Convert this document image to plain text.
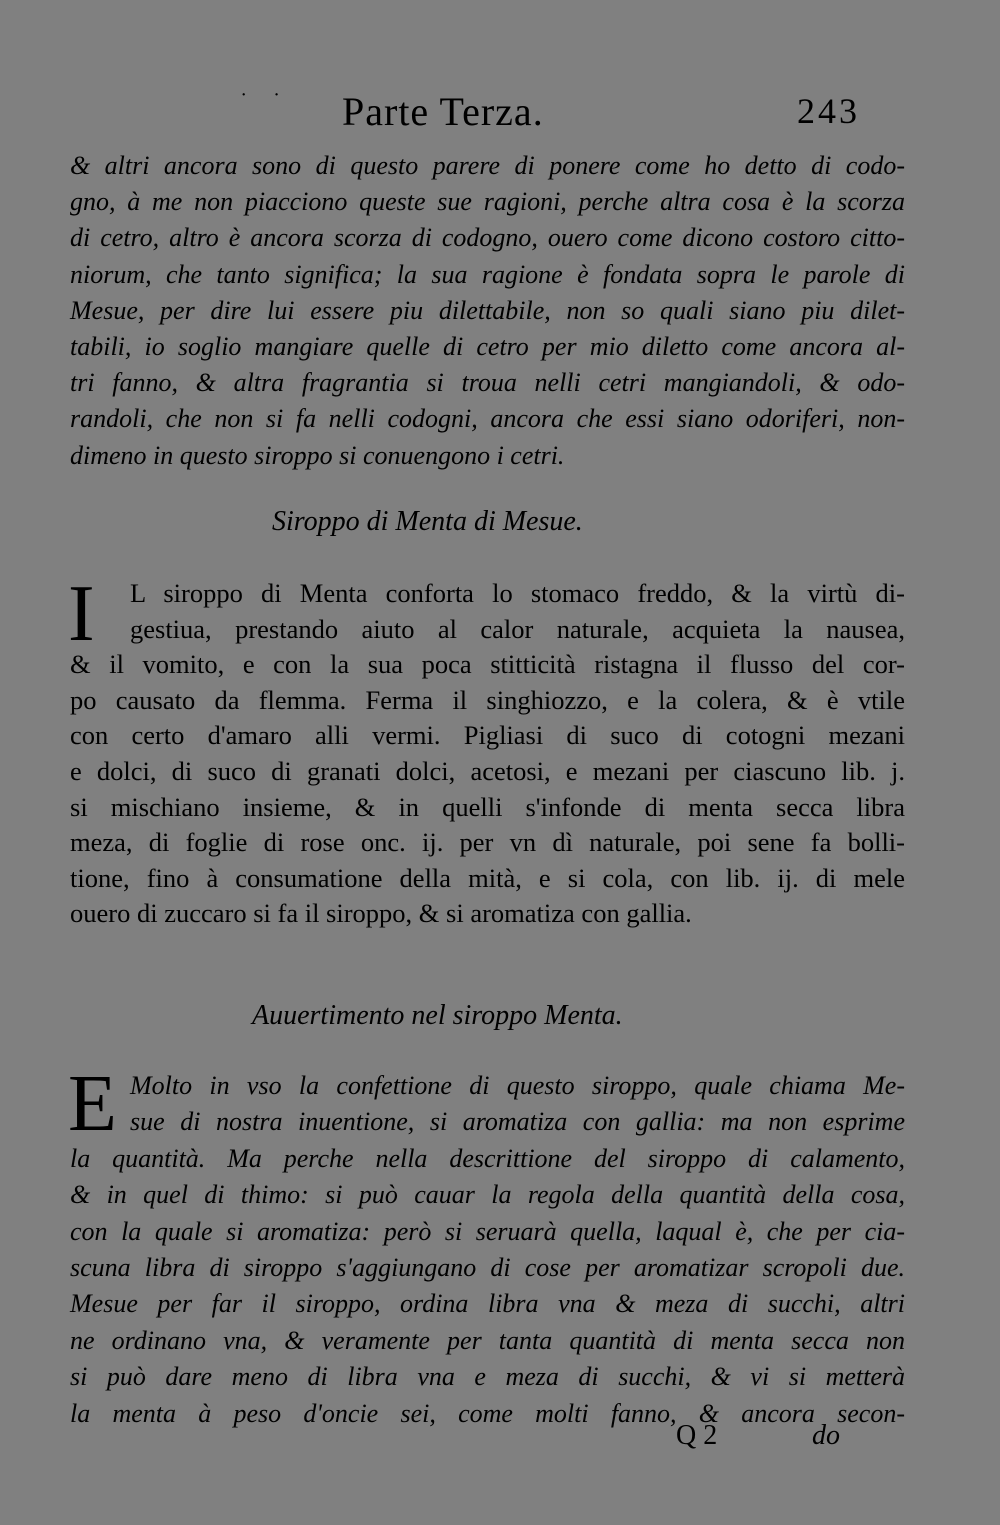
˙ ˙ Parte Terza.	243
& altri ancora sono di questo parere di ponere come ho detto di codo-
gno, à me non piacciono queste sue ragioni, perche altra cosa è la scorza
di cetro, altro è ancora scorza di codogno, ouero come dicono costoro citto-
niorum, che tanto significa; la sua ragione è fondata sopra le parole di
Mesue, per dire lui essere piu dilettabile, non so quali siano piu dilet-
tabili, io soglio mangiare quelle di cetro per mio diletto come ancora al-
tri fanno, & altra fragrantia si troua nelli cetri mangiandoli, & odo-
randoli, che non si fa nelli codogni, ancora che essi siano odoriferi, non-
dimeno in questo siroppo si conuengono i cetri.
Siroppo di Menta di Mesue.
I	L siroppo di Menta conforta lo stomaco freddo, & la virtù di-
gestiua, prestando aiuto al calor naturale, acquieta la nausea,
& il vomito, e con la sua poca stitticità ristagna il flusso del cor-
po causato da flemma. Ferma il singhiozzo, e la colera, & è vtile
con certo d'amaro alli vermi. Pigliasi di suco di cotogni mezani
e dolci, di suco di granati dolci, acetosi, e mezani per ciascuno lib. j.
si mischiano insieme, & in quelli s'infonde di menta secca libra
meza, di foglie di rose onc. ij. per vn dì naturale, poi sene fa bolli-
tione, fino à consumatione della mità, e si cola, con lib. ij. di mele
ouero di zuccaro si fa il siroppo, & si aromatiza con gallia.
Auuertimento nel siroppo Menta.
E Molto in vso la confettione di questo siroppo, quale chiama Me-
sue di nostra inuentione, si aromatiza con gallia: ma non esprime
la quantità. Ma perche nella descrittione del siroppo di calamento,
& in quel di thimo: si può cauar la regola della quantità della cosa,
con la quale si aromatiza: però si seruarà quella, laqual è, che per cia-
scuna libra di siroppo s'aggiungano di cose per aromatizar scropoli due.
Mesue per far il siroppo, ordina libra vna & meza di succhi, altri
ne ordinano vna, & veramente per tanta quantità di menta secca non
si può dare meno di libra vna e meza di succhi, & vi si metterà
la menta à peso d'oncie sei, come molti fanno, & ancora secon-
Q 2	do
